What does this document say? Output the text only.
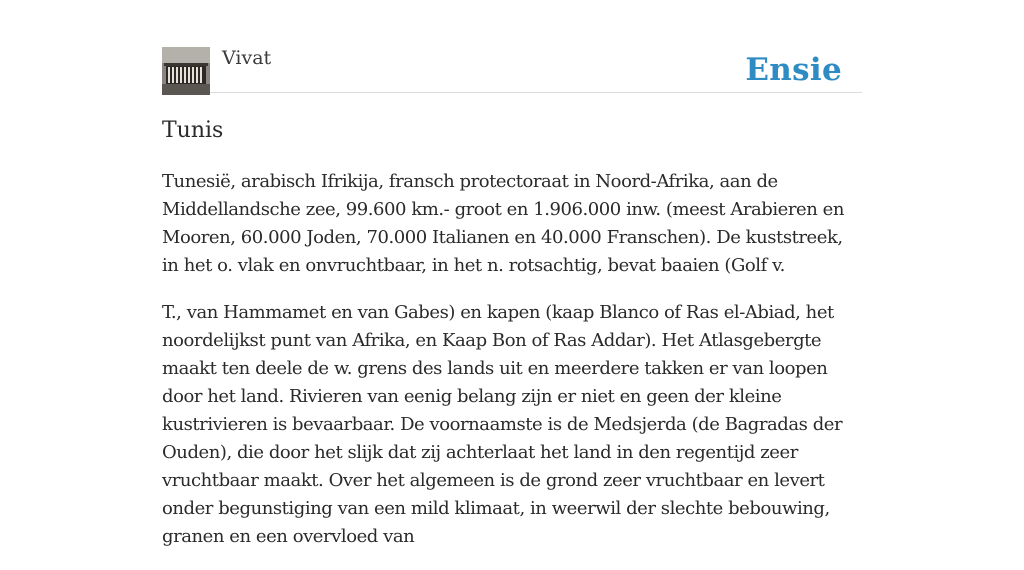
Vivat	Ensie
Tunis

Tunesië, arabisch Ifrikija, fransch protectoraat in Noord-Afrika, aan de Middellandsche zee, 99.600 km.- groot en 1.906.000 inw. (meest Arabieren en Mooren, 60.000 Joden, 70.000 Italianen en 40.000 Franschen). De kuststreek, in het o. vlak en onvruchtbaar, in het n. rotsachtig, bevat baaien (Golf v.

T., van Hammamet en van Gabes) en kapen (kaap Blanco of Ras el-Abiad, het noordelijkst punt van Afrika, en Kaap Bon of Ras Addar). Het Atlasgebergte maakt ten deele de w. grens des lands uit en meerdere takken er van loopen door het land. Rivieren van eenig belang zijn er niet en geen der kleine kustrivieren is bevaarbaar. De voornaamste is de Medsjerda (de Bagradas der Ouden), die door het slijk dat zij achterlaat het land in den regentijd zeer vruchtbaar maakt. Over het algemeen is de grond zeer vruchtbaar en levert onder begunstiging van een mild klimaat, in weerwil der slechte bebouwing, granen en een overvloed van
